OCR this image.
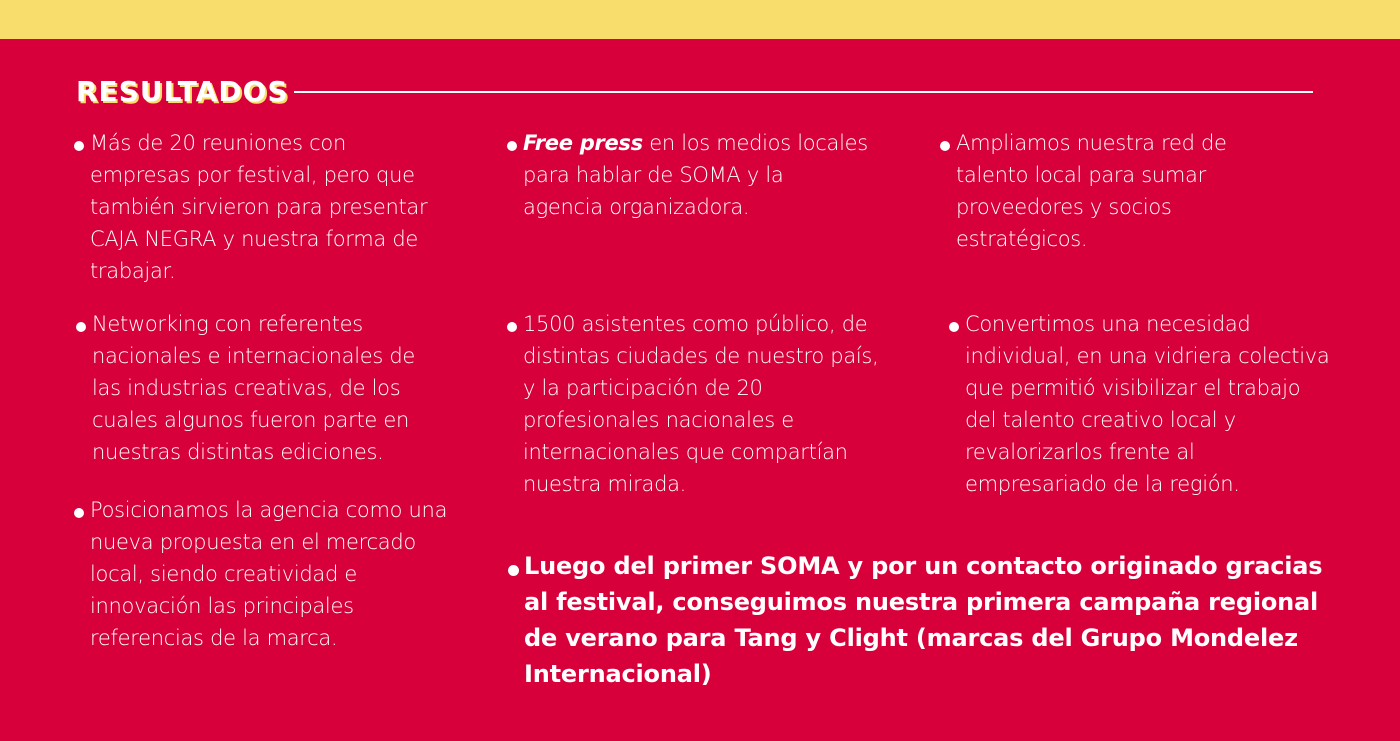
RESULTADOS
Más de 20 reuniones con empresas por festival, pero que también sirvieron para presentar CAJA NEGRA y nuestra forma de trabajar.
Free press en los medios locales para hablar de SOMA y la agencia organizadora.
Ampliamos nuestra red de talento local para sumar proveedores y socios estratégicos.
Networking con referentes nacionales e internacionales de las industrias creativas, de los cuales algunos fueron parte en nuestras distintas ediciones.
1500 asistentes como público, de distintas ciudades de nuestro país, y la participación de 20 profesionales nacionales e internacionales que compartían nuestra mirada.
Convertimos una necesidad individual, en una vidriera colectiva que permitió visibilizar el trabajo del talento creativo local y revalorizarlos frente al empresariado de la región.
Posicionamos la agencia como una nueva propuesta en el mercado local, siendo creatividad e innovación las principales referencias de la marca.
Luego del primer SOMA y por un contacto originado gracias al festival, conseguimos nuestra primera campaña regional de verano para Tang y Clight (marcas del Grupo Mondelez Internacional)
